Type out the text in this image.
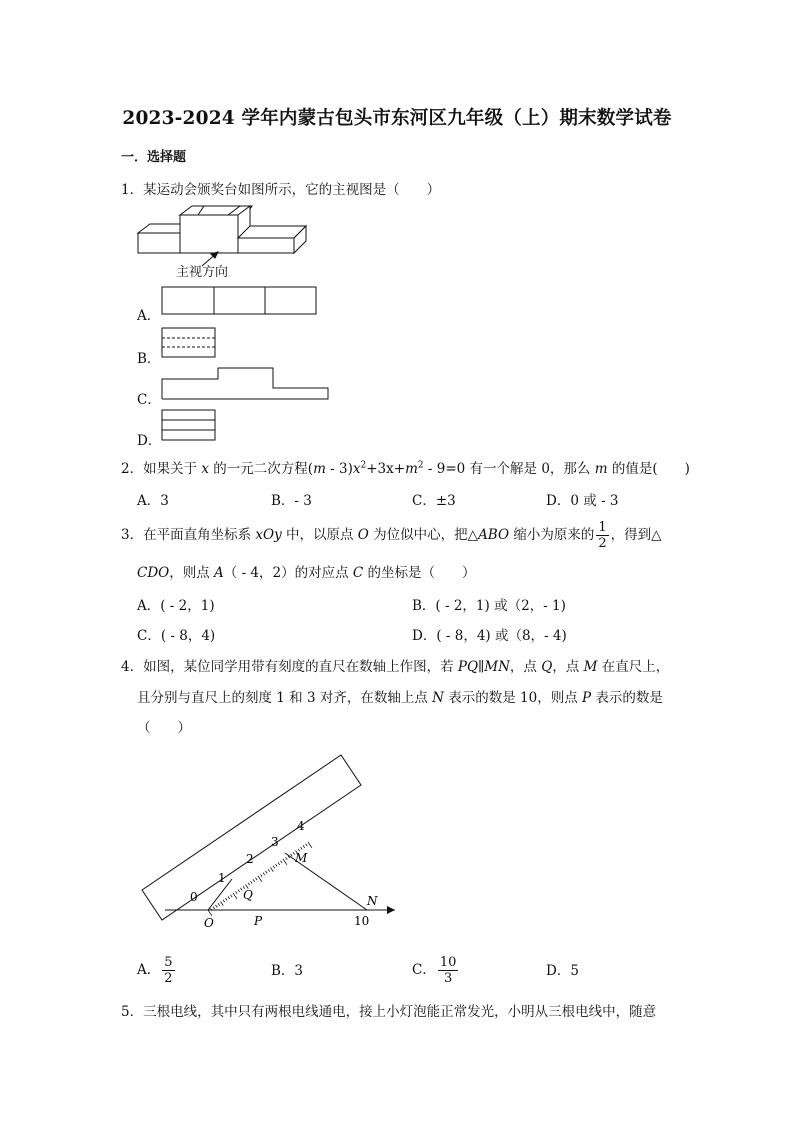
2023-2024 学年内蒙古包头市东河区九年级（上）期末数学试卷
一．选择题
1．某运动会颁奖台如图所示，它的主视图是（　　）
主视方向
A．
B．
C．
D．
2．如果关于 x 的一元二次方程$(m - 3)x^2+3x+m^2 - 9=0$ 有一个解是 0，那么 m 的值是(　　)
A．3	B．- 3	C．±3	D．0 或 - 3
3．在平面直角坐标系 xOy 中，以原点 O 为位似中心，把△ABO 缩小为原来的 $\frac{1}{2}$ ，得到△
CDO，则点 A（ - 4，2）的对应点 C 的坐标是（　　）
A．( - 2，1)	B．( - 2，1) 或（2，- 1)
C．( - 8，4)	D．( - 8，4) 或（8，- 4)
4．如图，某位同学用带有刻度的直尺在数轴上作图，若 PQ∥MN，点 Q，点 M 在直尺上，
且分别与直尺上的刻度 1 和 3 对齐，在数轴上点 N 表示的数是 10，则点 P 表示的数是
（　　）
0
1
2
3
4
O	P
Q
M
N
10
A． $\frac{5}{2}$	B．3	C． $\frac{10}{3}$	D．5
5．三根电线，其中只有两根电线通电，接上小灯泡能正常发光，小明从三根电线中，随意
